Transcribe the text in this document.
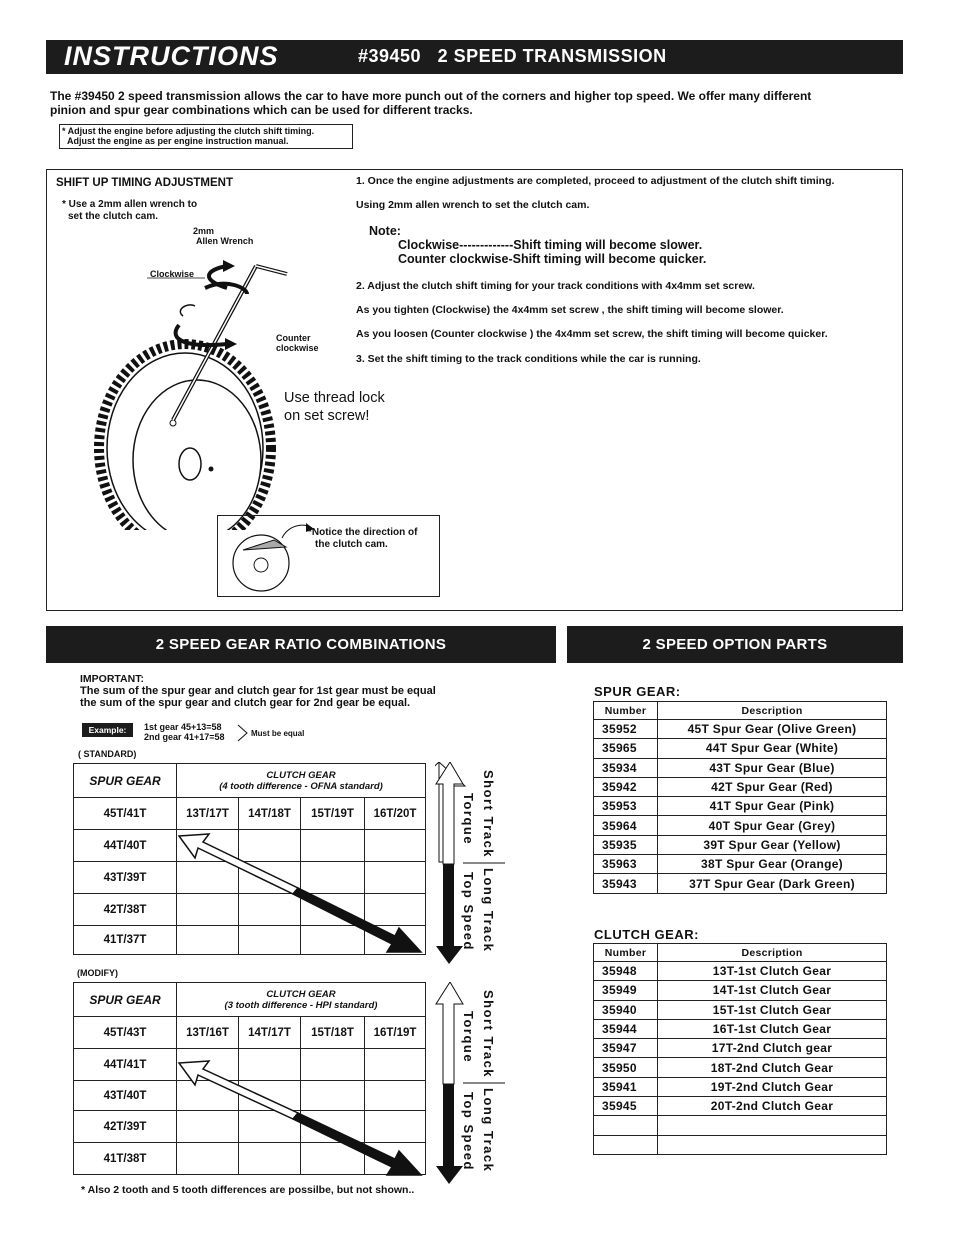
INSTRUCTIONS	#39450   2 SPEED TRANSMISSION
The #39450 2 speed transmission allows the car to have more punch out of the corners and higher top speed. We offer many different
pinion and spur gear combinations which can be used for different tracks.
* Adjust the engine before adjusting the clutch shift timing.
Adjust the engine as per engine instruction manual.
SHIFT UP TIMING ADJUSTMENT
* Use a 2mm allen wrench to
set the clutch cam.
2mm
Allen Wrench
Clockwise
Counter
clockwise
Use thread lock
on set screw!
*Notice the direction of
the clutch cam.
1. Once the engine adjustments are completed, proceed to adjustment of the clutch shift timing.
Using 2mm allen wrench to set the clutch cam.
Note:
Clockwise-------------Shift timing will become slower.
Counter clockwise-Shift timing will become quicker.
2. Adjust the clutch shift timing for your track conditions with 4x4mm set screw.
As you tighten (Clockwise) the 4x4mm set screw , the shift timing will become slower.
As you loosen (Counter clockwise ) the 4x4mm set screw, the shift timing will become quicker.
3. Set the shift timing to the track conditions while the car is running.
2 SPEED GEAR RATIO COMBINATIONS	2 SPEED OPTION PARTS
IMPORTANT:
The sum of the spur gear and clutch gear for 1st gear must be equal
the sum of the spur gear and clutch gear for 2nd gear be equal.
Example:	1st gear 45+13=58
2nd gear 41+17=58	Must be equal
( STANDARD)
SPUR GEAR	CLUTCH GEAR
(4 tooth difference - OFNA standard)			

45T/41T	13T/17T	14T/18T	15T/19T	16T/20T
44T/40T				
43T/39T				
42T/38T				
41T/37T				
Short Track
Torque
Long Track
Top Speed
(MODIFY)
SPUR GEAR	CLUTCH GEAR
(3 tooth difference - HPI standard)			

45T/43T	13T/16T	14T/17T	15T/18T	16T/19T
44T/41T				
43T/40T				
42T/39T				
41T/38T				
Short Track
Torque
Long Track
Top Speed
* Also 2 tooth and 5 tooth differences are possilbe, but not shown..
SPUR GEAR:
Number	Description
35952	45T Spur Gear (Olive Green)
35965	44T Spur Gear (White)
35934	43T Spur Gear (Blue)
35942	42T Spur Gear (Red)
35953	41T Spur Gear (Pink)
35964	40T Spur Gear (Grey)
35935	39T Spur Gear (Yellow)
35963	38T Spur Gear (Orange)
35943	37T Spur Gear (Dark Green)
CLUTCH GEAR:
Number	Description
35948	13T-1st Clutch Gear
35949	14T-1st Clutch Gear
35940	15T-1st Clutch Gear
35944	16T-1st Clutch Gear
35947	17T-2nd Clutch gear
35950	18T-2nd Clutch Gear
35941	19T-2nd Clutch Gear
35945	20T-2nd Clutch Gear
